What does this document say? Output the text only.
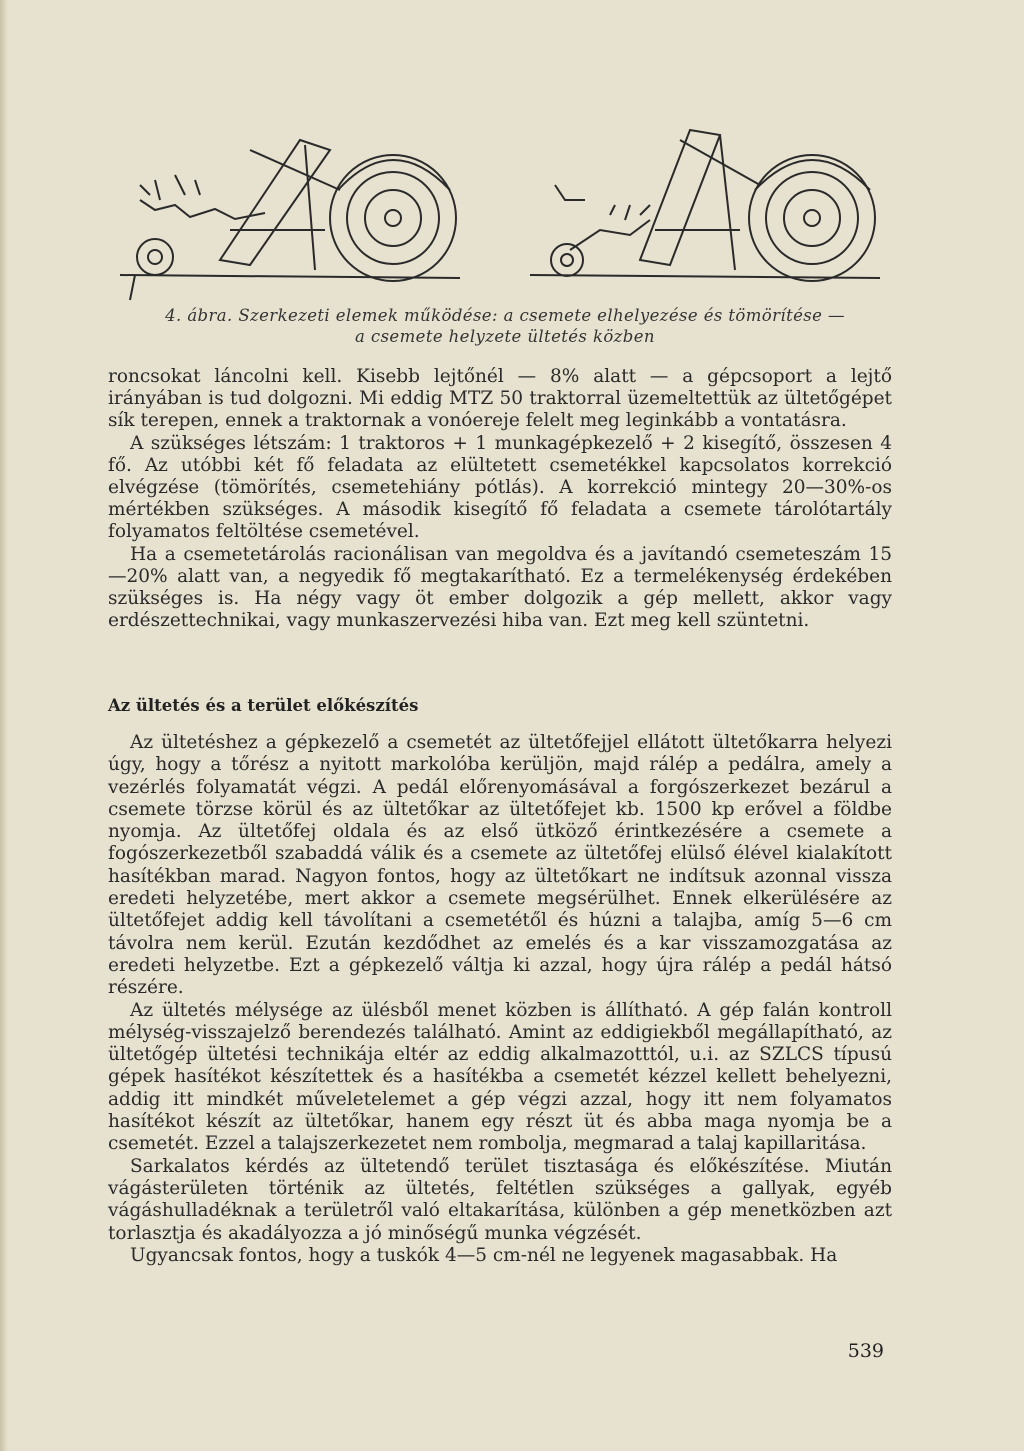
4. ábra. Szerkezeti elemek működése: a csemete elhelyezése és tömörítése —
a csemete helyzete ültetés közben

roncsokat láncolni kell. Kisebb lejtőnél — 8% alatt — a gépcsoport a lejtő irányában is tud dolgozni. Mi eddig MTZ 50 traktorral üzemeltettük az ültetőgépet sík terepen, ennek a traktornak a vonóereje felelt meg leginkább a vontatásra.

A szükséges létszám: 1 traktoros + 1 munkagépkezelő + 2 kisegítő, összesen 4 fő. Az utóbbi két fő feladata az elültetett csemetékkel kapcsolatos korrekció elvégzése (tömörítés, csemetehiány pótlás). A korrekció mintegy 20—30%-os mértékben szükséges. A második kisegítő fő feladata a csemete tárolótartály folyamatos feltöltése csemetével.

Ha a csemetetárolás racionálisan van megoldva és a javítandó csemeteszám 15—20% alatt van, a negyedik fő megtakarítható. Ez a termelékenység érdekében szükséges is. Ha négy vagy öt ember dolgozik a gép mellett, akkor vagy erdészettechnikai, vagy munkaszervezési hiba van. Ezt meg kell szüntetni.

Az ültetés és a terület előkészítés

Az ültetéshez a gépkezelő a csemetét az ültetőfejjel ellátott ültetőkarra helyezi úgy, hogy a tőrész a nyitott markolóba kerüljön, majd rálép a pedálra, amely a vezérlés folyamatát végzi. A pedál előrenyomásával a forgószerkezet bezárul a csemete törzse körül és az ültetőkar az ültetőfejet kb. 1500 kp erővel a földbe nyomja. Az ültetőfej oldala és az első ütköző érintkezésére a csemete a fogószerkezetből szabaddá válik és a csemete az ültetőfej elülső élével kialakított hasítékban marad. Nagyon fontos, hogy az ültetőkart ne indítsuk azonnal vissza eredeti helyzetébe, mert akkor a csemete megsérülhet. Ennek elkerülésére az ültetőfejet addig kell távolítani a csemetétől és húzni a talajba, amíg 5—6 cm távolra nem kerül. Ezután kezdődhet az emelés és a kar visszamozgatása az eredeti helyzetbe. Ezt a gépkezelő váltja ki azzal, hogy újra rálép a pedál hátsó részére.

Az ültetés mélysége az ülésből menet közben is állítható. A gép falán kontroll mélység-visszajelző berendezés található. Amint az eddigiekből megállapítható, az ültetőgép ültetési technikája eltér az eddig alkalmazotttól, u.i. az SZLCS típusú gépek hasítékot készítettek és a hasítékba a csemetét kézzel kellett behelyezni, addig itt mindkét műveletelemet a gép végzi azzal, hogy itt nem folyamatos hasítékot készít az ültetőkar, hanem egy részt üt és abba maga nyomja be a csemetét. Ezzel a talajszerkezetet nem rombolja, megmarad a talaj kapillaritása.

Sarkalatos kérdés az ültetendő terület tisztasága és előkészítése. Miután vágásterületen történik az ültetés, feltétlen szükséges a gallyak, egyéb vágáshulladéknak a területről való eltakarítása, különben a gép menetközben azt torlasztja és akadályozza a jó minőségű munka végzését.

Ugyancsak fontos, hogy a tuskók 4—5 cm-nél ne legyenek magasabbak. Ha

539
